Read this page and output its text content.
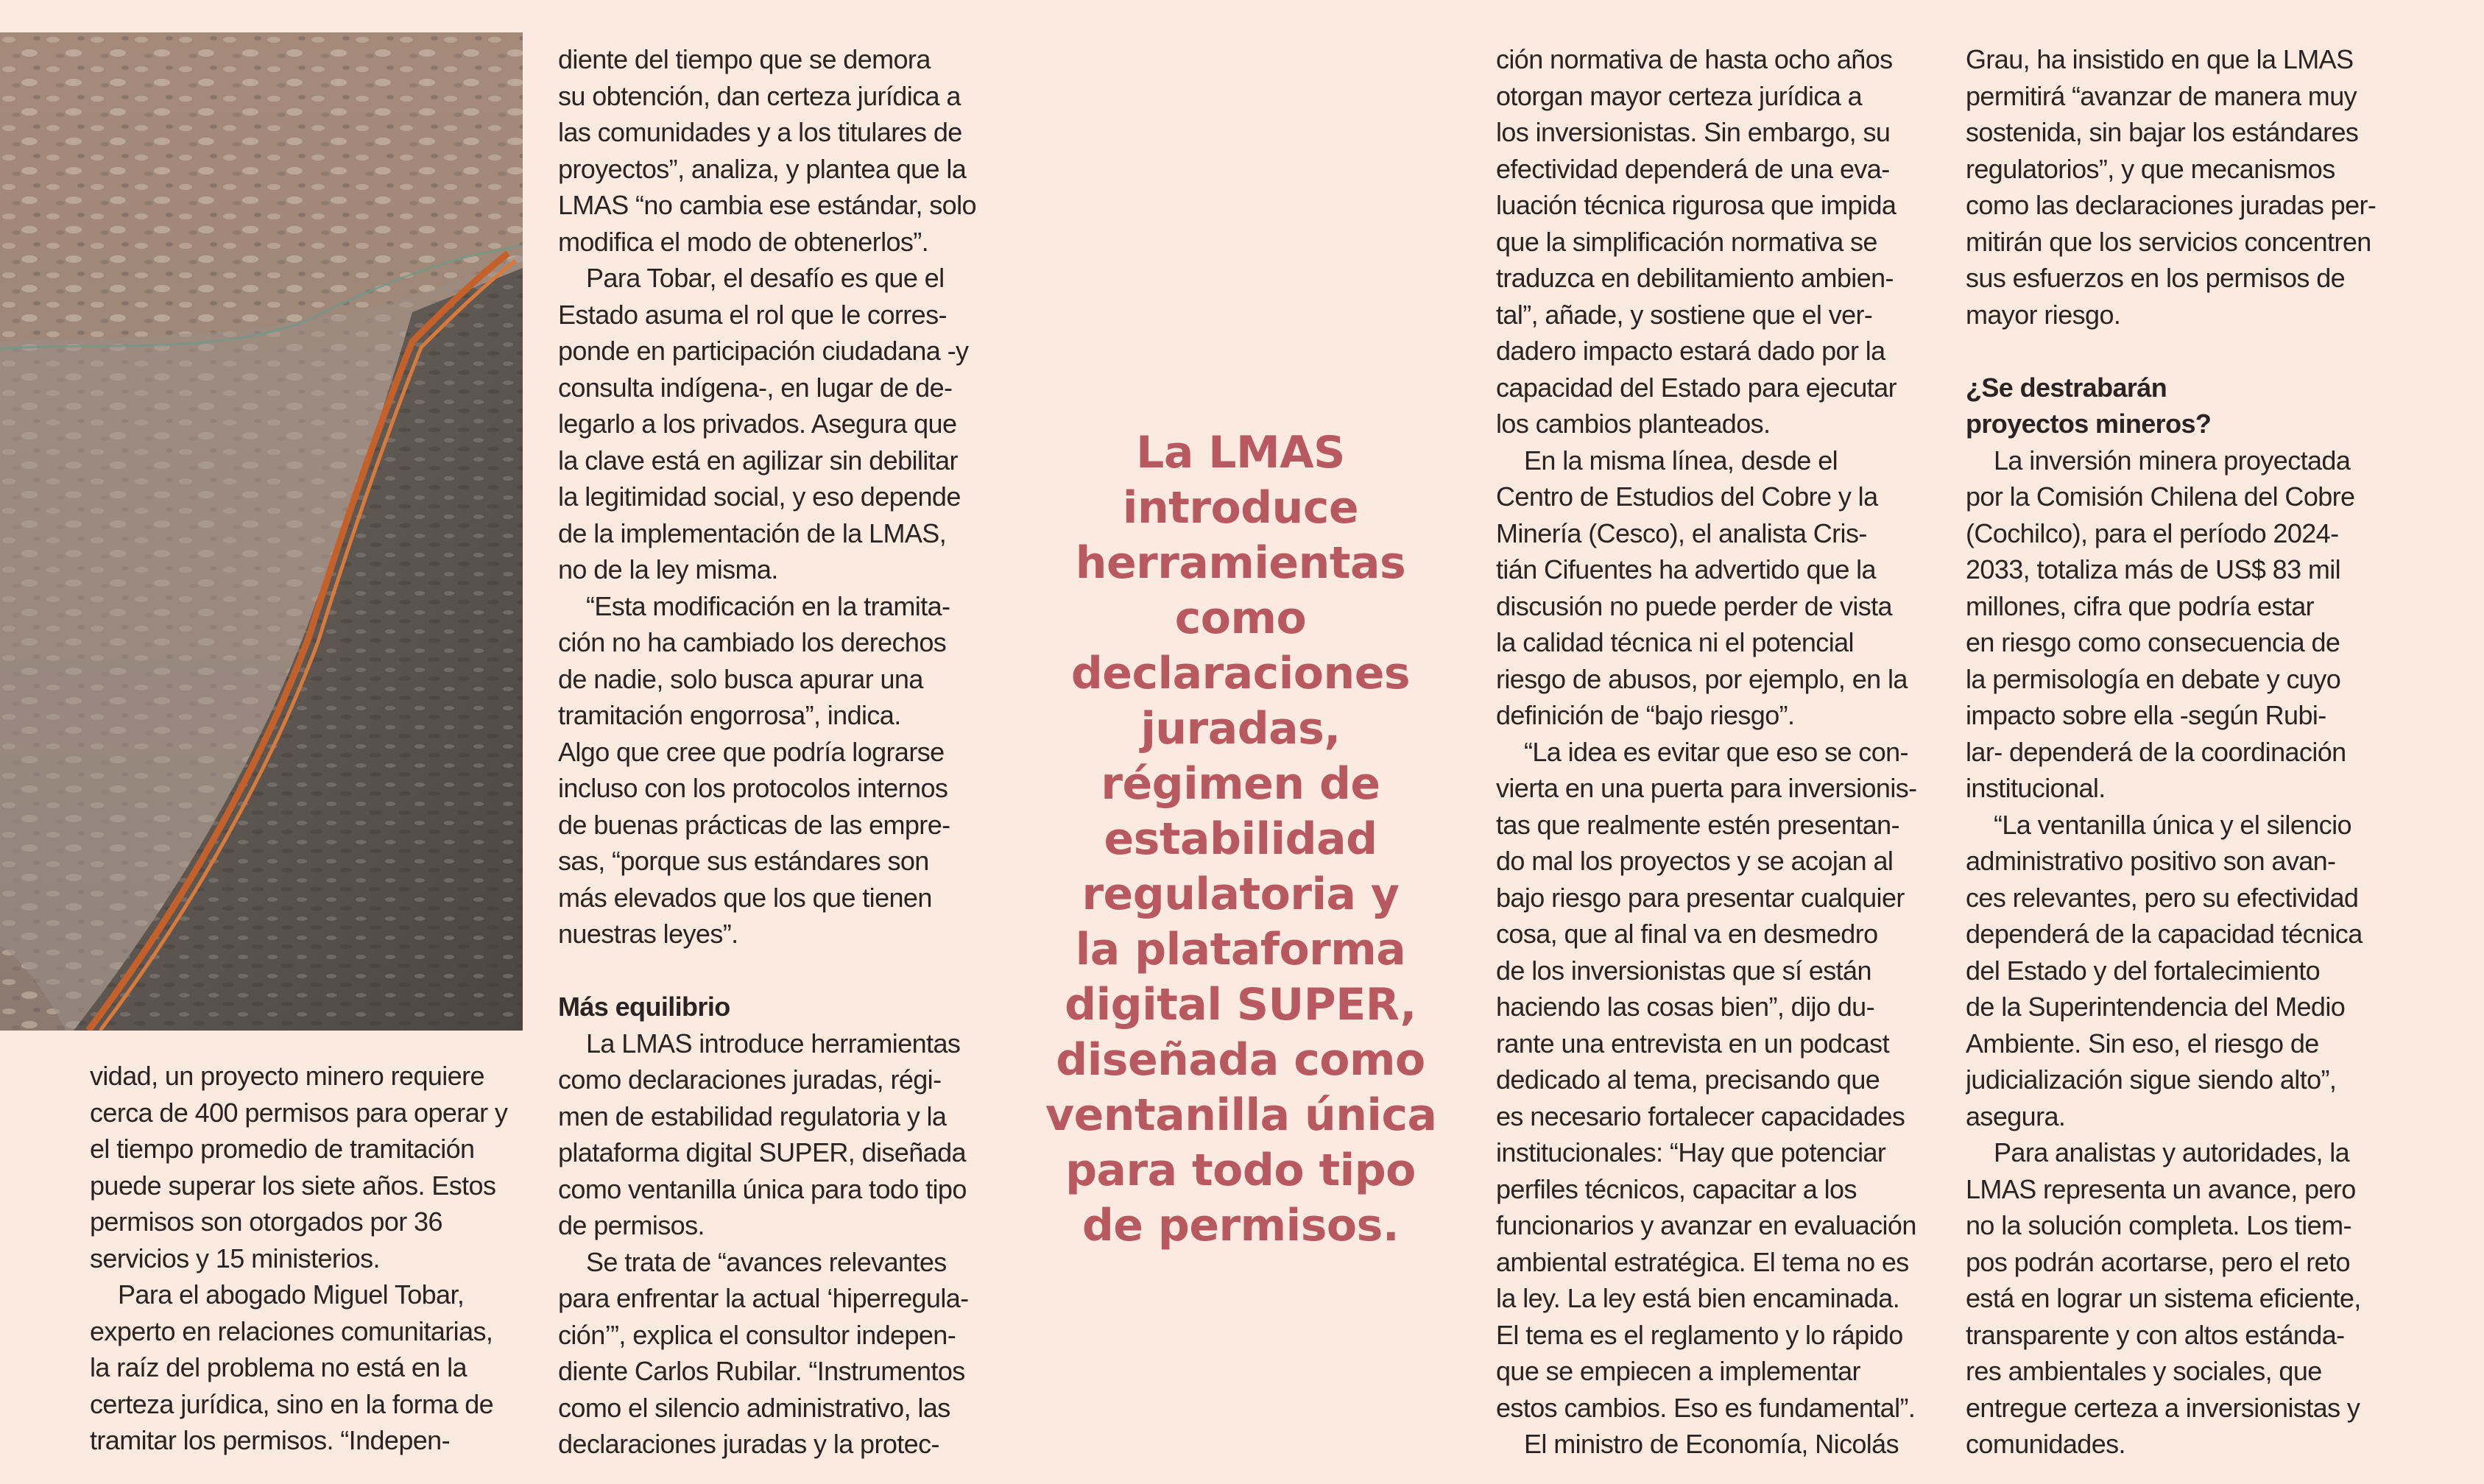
vidad, un proyecto minero requiere
cerca de 400 permisos para operar y
el tiempo promedio de tramitación
puede superar los siete años. Estos
permisos son otorgados por 36
servicios y 15 ministerios.
Para el abogado Miguel Tobar,
experto en relaciones comunitarias,
la raíz del problema no está en la
certeza jurídica, sino en la forma de
tramitar los permisos. “Indepen-
diente del tiempo que se demora
su obtención, dan certeza jurídica a
las comunidades y a los titulares de
proyectos”, analiza, y plantea que la
LMAS “no cambia ese estándar, solo
modifica el modo de obtenerlos”.
Para Tobar, el desafío es que el
Estado asuma el rol que le corres-
ponde en participación ciudadana -y
consulta indígena-, en lugar de de-
legarlo a los privados. Asegura que
la clave está en agilizar sin debilitar
la legitimidad social, y eso depende
de la implementación de la LMAS,
no de la ley misma.
“Esta modificación en la tramita-
ción no ha cambiado los derechos
de nadie, solo busca apurar una
tramitación engorrosa”, indica.
Algo que cree que podría lograrse
incluso con los protocolos internos
de buenas prácticas de las empre-
sas, “porque sus estándares son
más elevados que los que tienen
nuestras leyes”.
Más equilibrio
La LMAS introduce herramientas
como declaraciones juradas, régi-
men de estabilidad regulatoria y la
plataforma digital SUPER, diseñada
como ventanilla única para todo tipo
de permisos.
Se trata de “avances relevantes
para enfrentar la actual ‘hiperregula-
ción’”, explica el consultor indepen-
diente Carlos Rubilar. “Instrumentos
como el silencio administrativo, las
declaraciones juradas y la protec-
La LMAS
introduce
herramientas
como
declaraciones
juradas,
régimen de
estabilidad
regulatoria y
la plataforma
digital SUPER,
diseñada como
ventanilla única
para todo tipo
de permisos.
ción normativa de hasta ocho años
otorgan mayor certeza jurídica a
los inversionistas. Sin embargo, su
efectividad dependerá de una eva-
luación técnica rigurosa que impida
que la simplificación normativa se
traduzca en debilitamiento ambien-
tal”, añade, y sostiene que el ver-
dadero impacto estará dado por la
capacidad del Estado para ejecutar
los cambios planteados.
En la misma línea, desde el
Centro de Estudios del Cobre y la
Minería (Cesco), el analista Cris-
tián Cifuentes ha advertido que la
discusión no puede perder de vista
la calidad técnica ni el potencial
riesgo de abusos, por ejemplo, en la
definición de “bajo riesgo”.
“La idea es evitar que eso se con-
vierta en una puerta para inversionis-
tas que realmente estén presentan-
do mal los proyectos y se acojan al
bajo riesgo para presentar cualquier
cosa, que al final va en desmedro
de los inversionistas que sí están
haciendo las cosas bien”, dijo du-
rante una entrevista en un podcast
dedicado al tema, precisando que
es necesario fortalecer capacidades
institucionales: “Hay que potenciar
perfiles técnicos, capacitar a los
funcionarios y avanzar en evaluación
ambiental estratégica. El tema no es
la ley. La ley está bien encaminada.
El tema es el reglamento y lo rápido
que se empiecen a implementar
estos cambios. Eso es fundamental”.
El ministro de Economía, Nicolás
Grau, ha insistido en que la LMAS
permitirá “avanzar de manera muy
sostenida, sin bajar los estándares
regulatorios”, y que mecanismos
como las declaraciones juradas per-
mitirán que los servicios concentren
sus esfuerzos en los permisos de
mayor riesgo.
¿Se destrabarán
proyectos mineros?
La inversión minera proyectada
por la Comisión Chilena del Cobre
(Cochilco), para el período 2024-
2033, totaliza más de US$ 83 mil
millones, cifra que podría estar
en riesgo como consecuencia de
la permisología en debate y cuyo
impacto sobre ella -según Rubi-
lar- dependerá de la coordinación
institucional.
“La ventanilla única y el silencio
administrativo positivo son avan-
ces relevantes, pero su efectividad
dependerá de la capacidad técnica
del Estado y del fortalecimiento
de la Superintendencia del Medio
Ambiente. Sin eso, el riesgo de
judicialización sigue siendo alto”,
asegura.
Para analistas y autoridades, la
LMAS representa un avance, pero
no la solución completa. Los tiem-
pos podrán acortarse, pero el reto
está en lograr un sistema eficiente,
transparente y con altos estánda-
res ambientales y sociales, que
entregue certeza a inversionistas y
comunidades.
